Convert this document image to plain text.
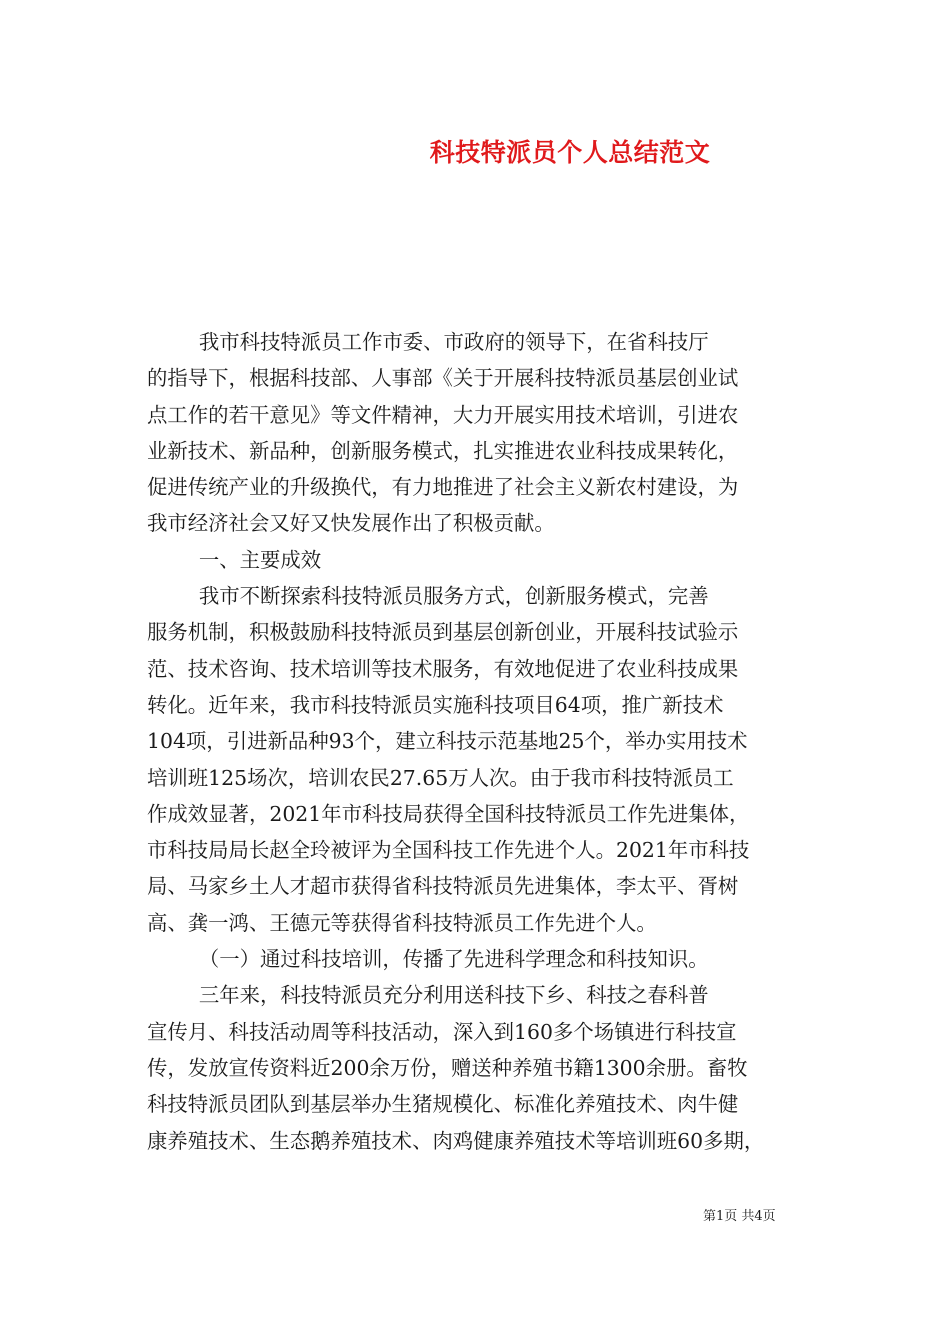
科技特派员个人总结范文
我市科技特派员工作市委、市政府的领导下，在省科技厅
的指导下，根据科技部、人事部《关于开展科技特派员基层创业试
点工作的若干意见》等文件精神，大力开展实用技术培训，引进农
业新技术、新品种，创新服务模式，扎实推进农业科技成果转化，
促进传统产业的升级换代，有力地推进了社会主义新农村建设，为
我市经济社会又好又快发展作出了积极贡献。
一、主要成效
我市不断探索科技特派员服务方式，创新服务模式，完善
服务机制，积极鼓励科技特派员到基层创新创业，开展科技试验示
范、技术咨询、技术培训等技术服务，有效地促进了农业科技成果
转化。近年来，我市科技特派员实施科技项目64项，推广新技术
104项，引进新品种93个，建立科技示范基地25个，举办实用技术
培训班125场次，培训农民27.65万人次。由于我市科技特派员工
作成效显著，2021年市科技局获得全国科技特派员工作先进集体，
市科技局局长赵全玲被评为全国科技工作先进个人。2021年市科技
局、马家乡土人才超市获得省科技特派员先进集体，李太平、胥树
高、龚一鸿、王德元等获得省科技特派员工作先进个人。
（一）通过科技培训，传播了先进科学理念和科技知识。
三年来，科技特派员充分利用送科技下乡、科技之春科普
宣传月、科技活动周等科技活动，深入到160多个场镇进行科技宣
传，发放宣传资料近200余万份，赠送种养殖书籍1300余册。畜牧
科技特派员团队到基层举办生猪规模化、标准化养殖技术、肉牛健
康养殖技术、生态鹅养殖技术、肉鸡健康养殖技术等培训班60多期，
第1页 共4页
